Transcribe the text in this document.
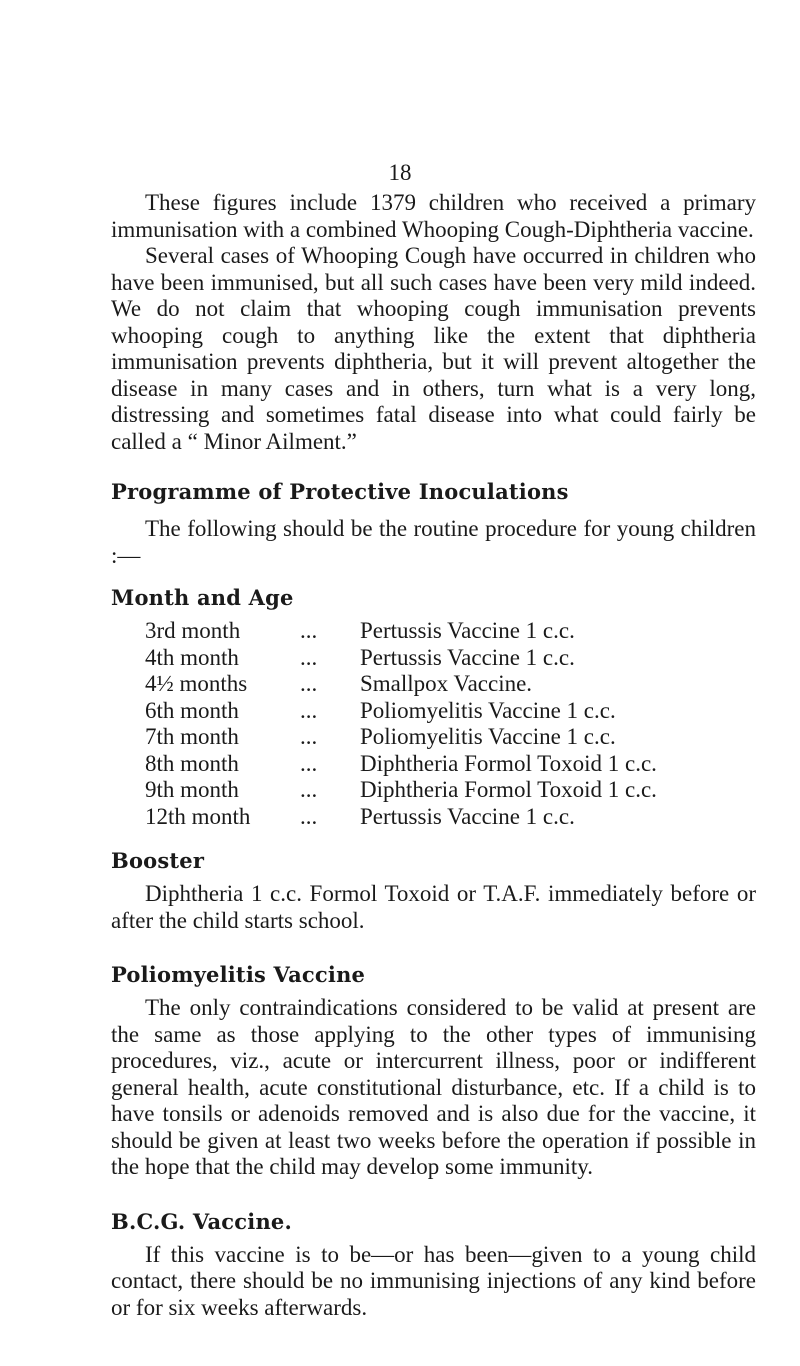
18

These figures include 1379 children who received a primary immunisation with a combined Whooping Cough-Diphtheria vaccine.

Several cases of Whooping Cough have occurred in children who have been immunised, but all such cases have been very mild indeed. We do not claim that whooping cough immunisation prevents whooping cough to anything like the extent that diphtheria immunisation prevents diphtheria, but it will prevent altogether the disease in many cases and in others, turn what is a very long, distressing and sometimes fatal disease into what could fairly be called a “ Minor Ailment.”

Programme of Protective Inoculations

The following should be the routine procedure for young children :—

Month and Age
3rd month	...	Pertussis Vaccine 1 c.c.
4th month	...	Pertussis Vaccine 1 c.c.
4½ months	...	Smallpox Vaccine.
6th month	...	Poliomyelitis Vaccine 1 c.c.
7th month	...	Poliomyelitis Vaccine 1 c.c.
8th month	...	Diphtheria Formol Toxoid 1 c.c.
9th month	...	Diphtheria Formol Toxoid 1 c.c.
12th month	...	Pertussis Vaccine 1 c.c.
Booster

Diphtheria 1 c.c. Formol Toxoid or T.A.F. immediately before or after the child starts school.

Poliomyelitis Vaccine

The only contraindications considered to be valid at present are the same as those applying to the other types of immunising procedures, viz., acute or intercurrent illness, poor or indifferent general health, acute constitutional disturbance, etc. If a child is to have tonsils or adenoids removed and is also due for the vaccine, it should be given at least two weeks before the operation if possible in the hope that the child may develop some immunity.

B.C.G. Vaccine.

If this vaccine is to be—or has been—given to a young child contact, there should be no immunising injections of any kind before or for six weeks afterwards.
